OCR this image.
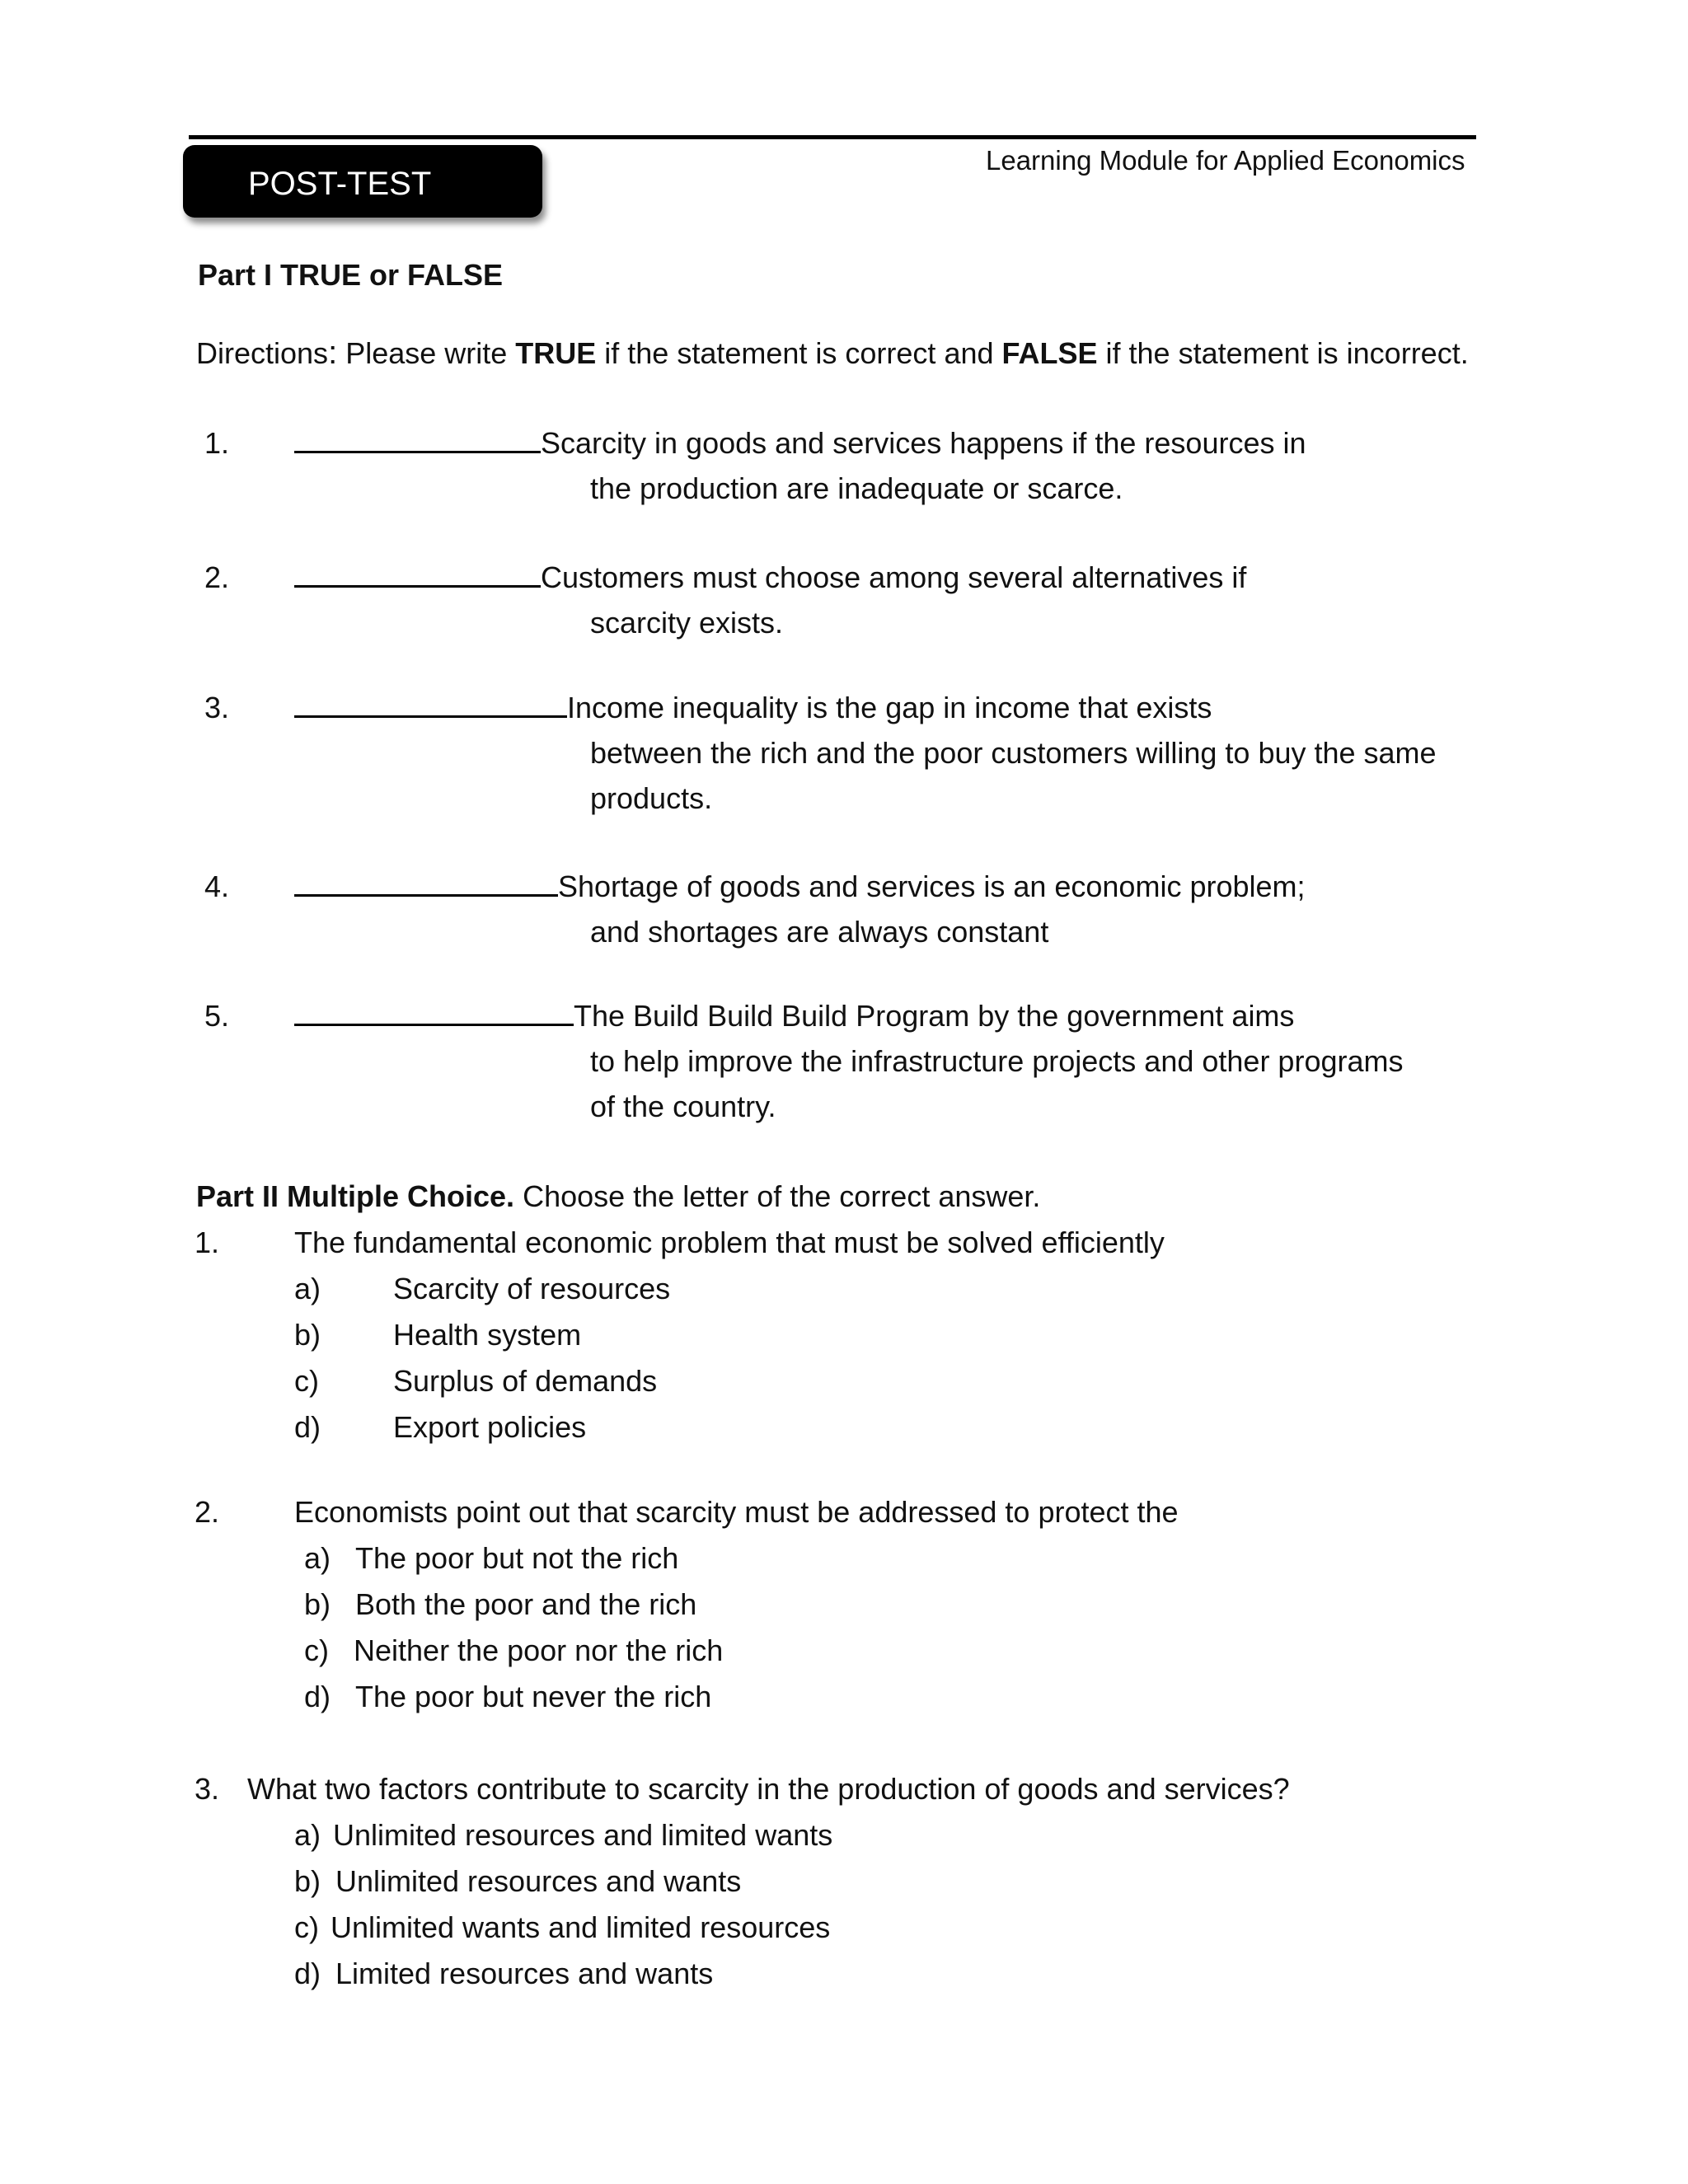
Learning Module for Applied Economics
POST-TEST
Part I TRUE or FALSE
Directions: Please write TRUE if the statement is correct and FALSE if the statement is incorrect.
1.	Scarcity in goods and services happens if the resources in
the production are inadequate or scarce.
2.	Customers must choose among several alternatives if
scarcity exists.
3.	Income inequality is the gap in income that exists
between the rich and the poor customers willing to buy the same
products.
4.	Shortage of goods and services is an economic problem;
and shortages are always constant
5.	The Build Build Build Program by the government aims
to help improve the infrastructure projects and other programs
of the country.
Part II Multiple Choice. Choose the letter of the correct answer.
1.	The fundamental economic problem that must be solved efficiently
a) Scarcity of resources
b) Health system
c)	Surplus of demands
d) Export policies
2.	Economists point out that scarcity must be addressed to protect the
a) The poor but not the rich
b) Both the poor and the rich
c) Neither the poor nor the rich
d) The poor but never the rich
3. What two factors contribute to scarcity in the production of goods and services?
a) Unlimited resources and limited wants
b) Unlimited resources and wants
c) Unlimited wants and limited resources
d) Limited resources and wants
